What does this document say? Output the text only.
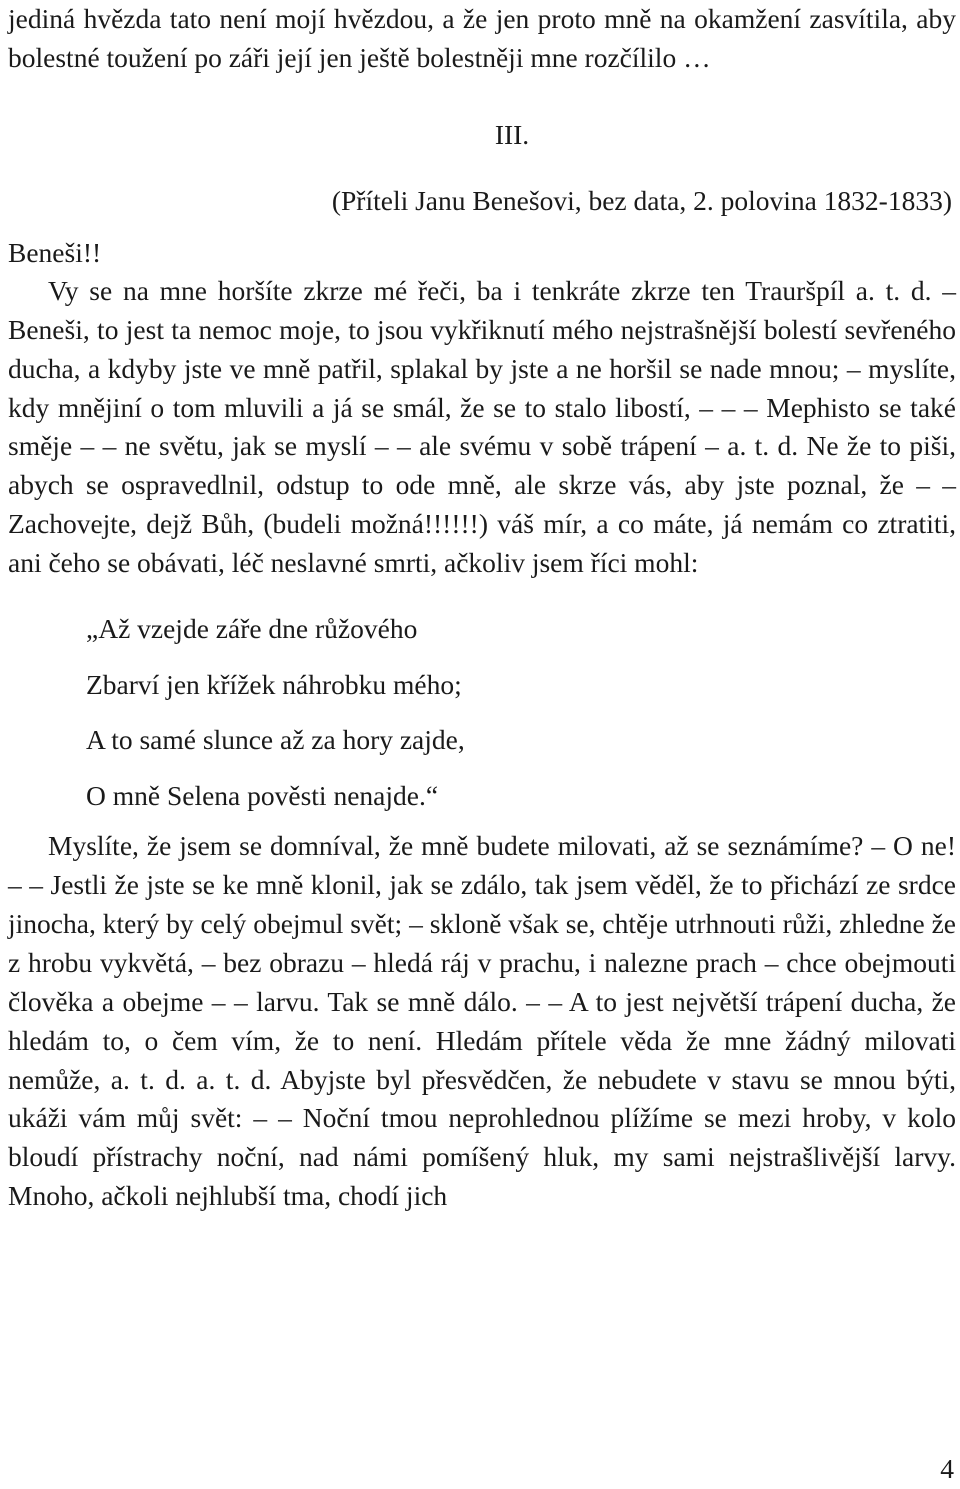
jediná hvězda tato není mojí hvězdou, a že jen proto mně na okamžení zasvítila, aby bolestné toužení po záři její jen ještě bolestněji mne rozčílilo …

III.

(Příteli Janu Benešovi, bez data, 2. polovina 1832-1833)

Beneši!!

Vy se na mne horšíte zkrze mé řeči, ba i tenkráte zkrze ten Trauršpíl a. t. d. – Beneši, to jest ta nemoc moje, to jsou vykřiknutí mého nejstrašnější bolestí sevřeného ducha, a kdyby jste ve mně patřil, splakal by jste a ne horšil se nade mnou; – myslíte, kdy mnějiní o tom mluvili a já se smál, že se to stalo libostí, – – – Mephisto se také směje – – ne světu, jak se myslí – – ale svému v sobě trápení – a. t. d. Ne že to piši, abych se ospravedlnil, odstup to ode mně, ale skrze vás, aby jste poznal, že – – Zachovejte, dejž Bůh, (budeli možná!!!!!!) váš mír, a co máte, já nemám co ztratiti, ani čeho se obávati, léč neslavné smrti, ačkoliv jsem říci mohl:

„Až vzejde záře dne růžového

Zbarví jen křížek náhrobku mého;

A to samé slunce až za hory zajde,

O mně Selena pověsti nenajde.“

Myslíte, že jsem se domníval, že mně budete milovati, až se seznámíme? – O ne! – – Jestli že jste se ke mně klonil, jak se zdálo, tak jsem věděl, že to přichází ze srdce jinocha, který by celý obejmul svět; – skloně však se, chtěje utrhnouti růži, zhledne že z hrobu vykvětá, – bez obrazu – hledá ráj v prachu, i nalezne prach – chce obejmouti člověka a obejme – – larvu. Tak se mně dálo. – – A to jest největší trápení ducha, že hledám to, o čem vím, že to není. Hledám přítele věda že mne žádný milovati nemůže, a. t. d. a. t. d. Abyjste byl přesvědčen, že nebudete v stavu se mnou býti, ukáži vám můj svět: – – Noční tmou neprohlednou plížíme se mezi hroby, v kolo bloudí přístrachy noční, nad námi pomíšený hluk, my sami nejstrašlivější larvy. Mnoho, ačkoli nejhlubší tma, chodí jich

4
